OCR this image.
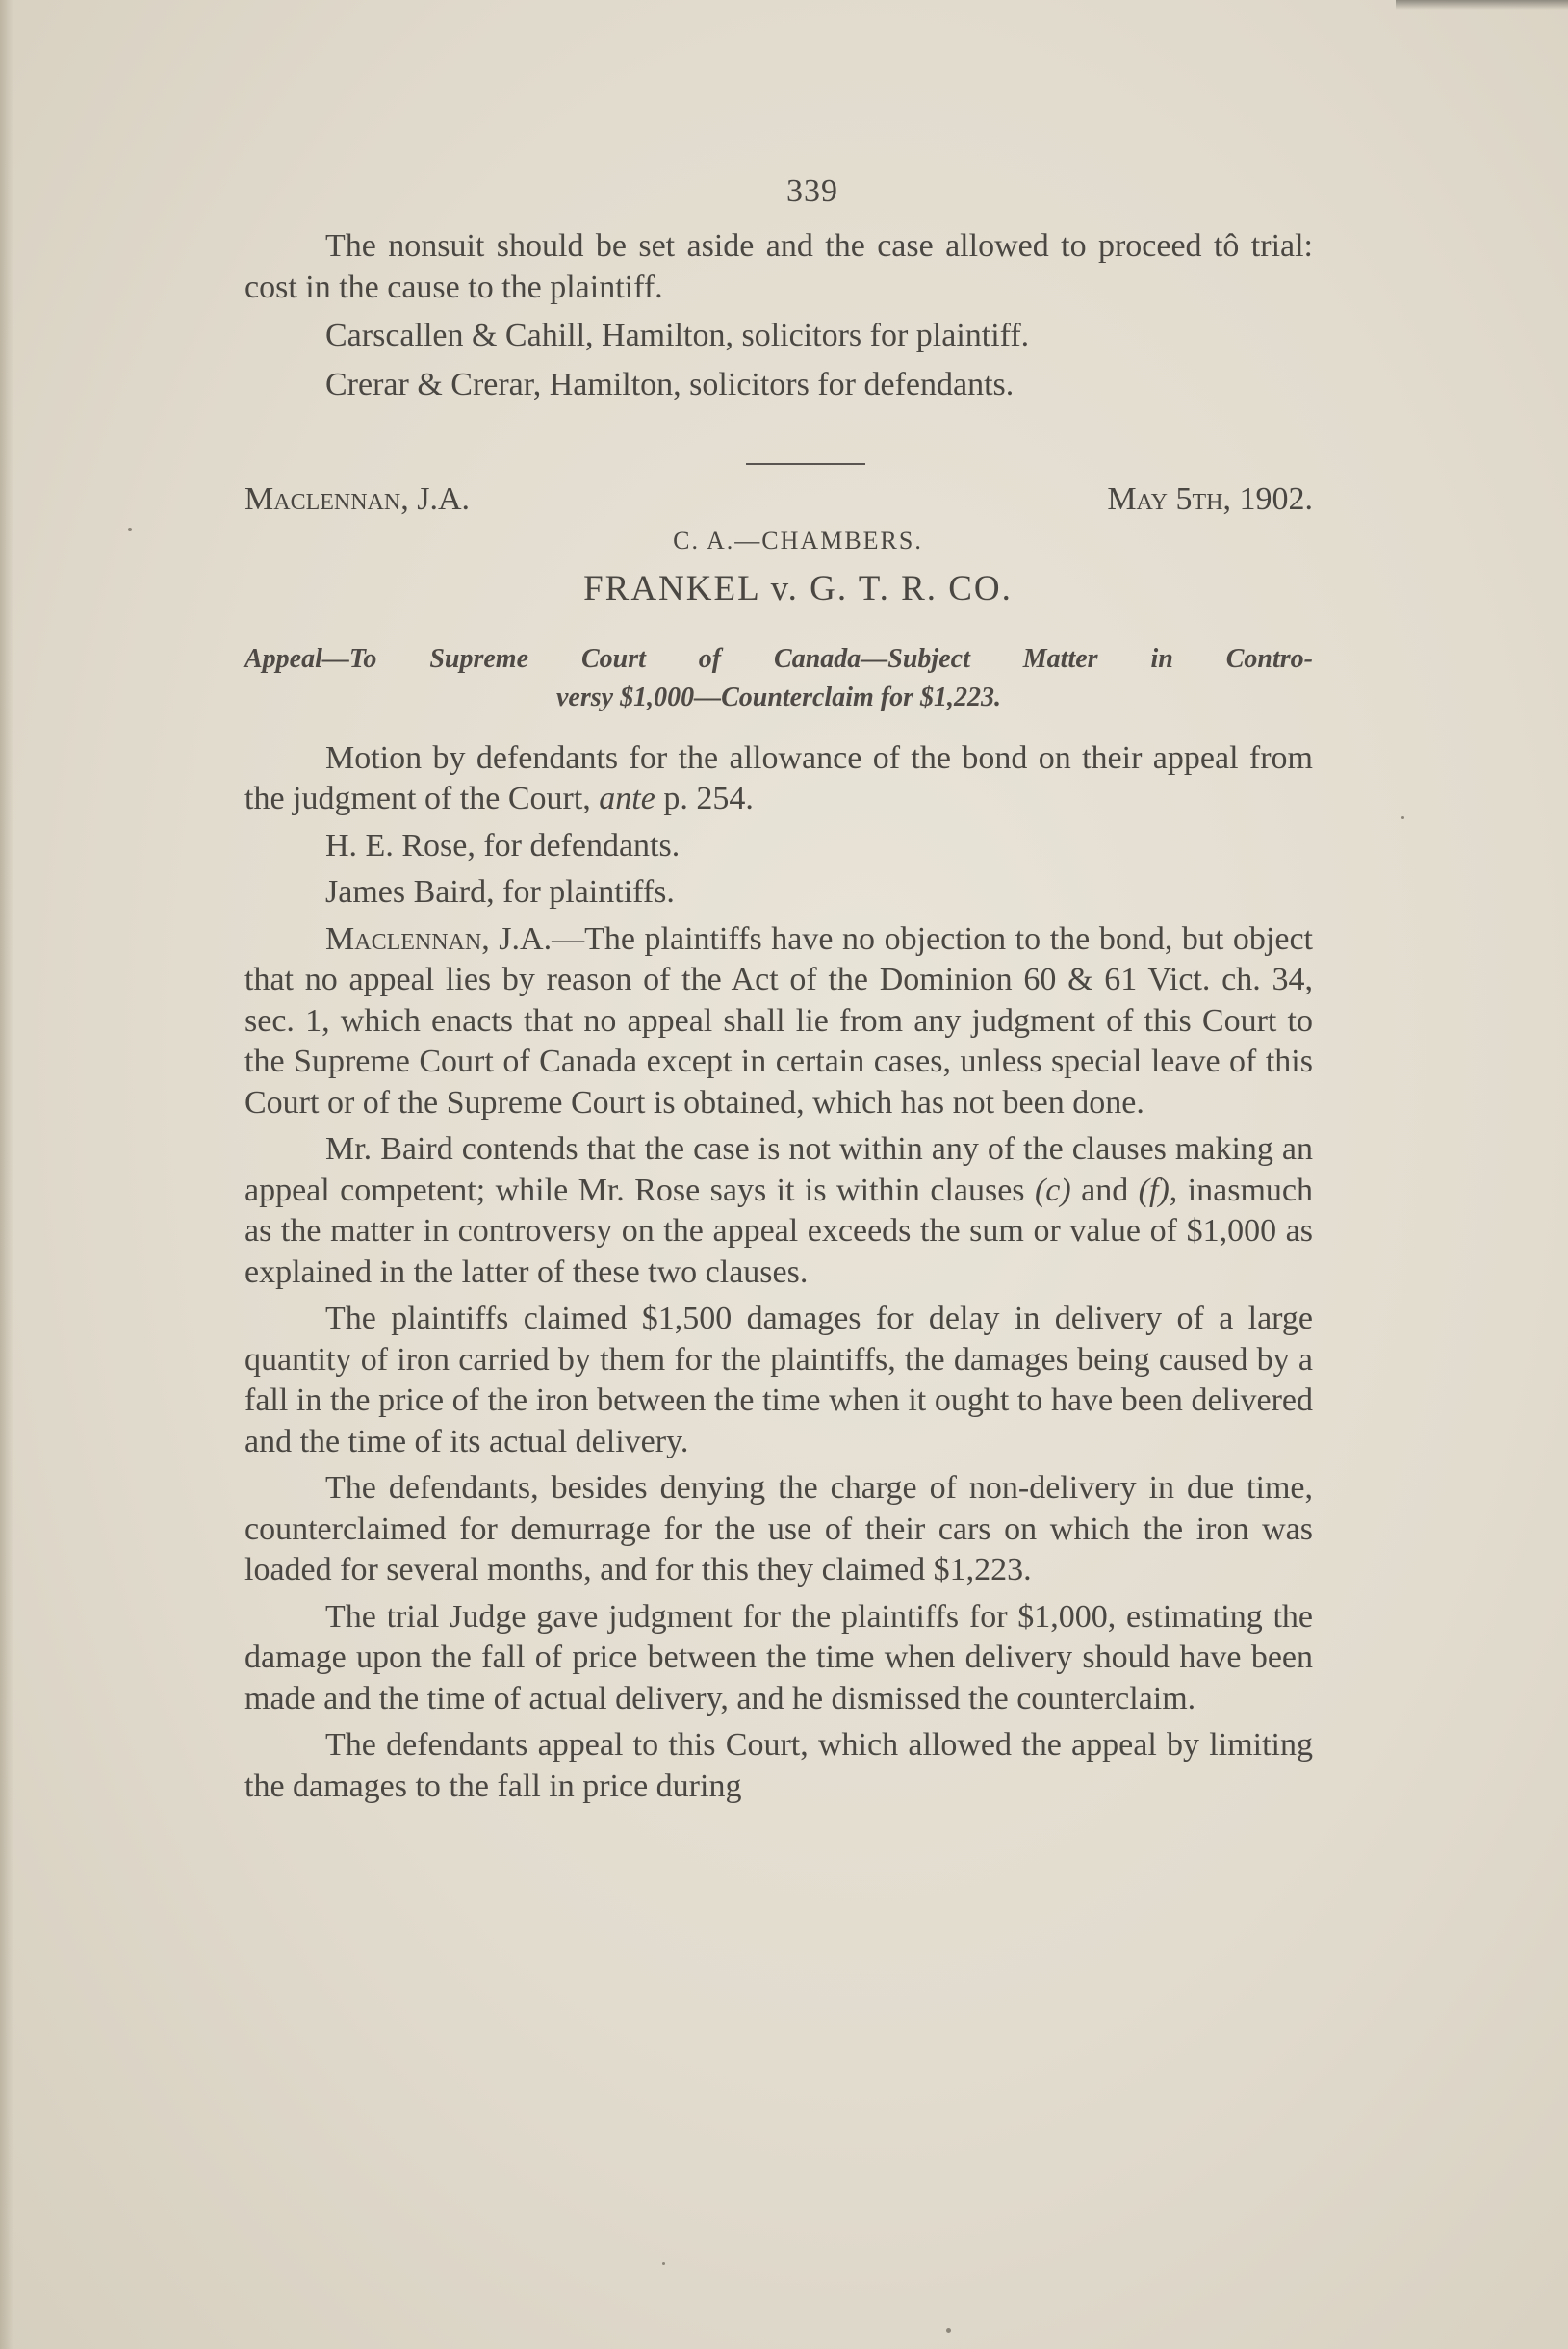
339

The nonsuit should be set aside and the case allowed to proceed tô trial: cost in the cause to the plaintiff.

Carscallen & Cahill, Hamilton, solicitors for plaintiff.

Crerar & Crerar, Hamilton, solicitors for defendants.

Maclennan, J.A.	May 5th, 1902.
C. A.—CHAMBERS.
FRANKEL v. G. T. R. CO.
Appeal—To Supreme Court of Canada—Subject Matter in Contro-
versy $1,000—Counterclaim for $1,223.

Motion by defendants for the allowance of the bond on their appeal from the judgment of the Court, ante p. 254.

H. E. Rose, for defendants.

James Baird, for plaintiffs.

Maclennan, J.A.—The plaintiffs have no objection to the bond, but object that no appeal lies by reason of the Act of the Dominion 60 & 61 Vict. ch. 34, sec. 1, which enacts that no appeal shall lie from any judgment of this Court to the Supreme Court of Canada except in certain cases, unless special leave of this Court or of the Supreme Court is obtained, which has not been done.

Mr. Baird contends that the case is not within any of the clauses making an appeal competent; while Mr. Rose says it is within clauses (c) and (f), inasmuch as the matter in controversy on the appeal exceeds the sum or value of $1,000 as explained in the latter of these two clauses.

The plaintiffs claimed $1,500 damages for delay in delivery of a large quantity of iron carried by them for the plaintiffs, the damages being caused by a fall in the price of the iron between the time when it ought to have been delivered and the time of its actual delivery.

The defendants, besides denying the charge of non-delivery in due time, counterclaimed for demurrage for the use of their cars on which the iron was loaded for several months, and for this they claimed $1,223.

The trial Judge gave judgment for the plaintiffs for $1,000, estimating the damage upon the fall of price between the time when delivery should have been made and the time of actual delivery, and he dismissed the counterclaim.

The defendants appeal to this Court, which allowed the appeal by limiting the damages to the fall in price during
